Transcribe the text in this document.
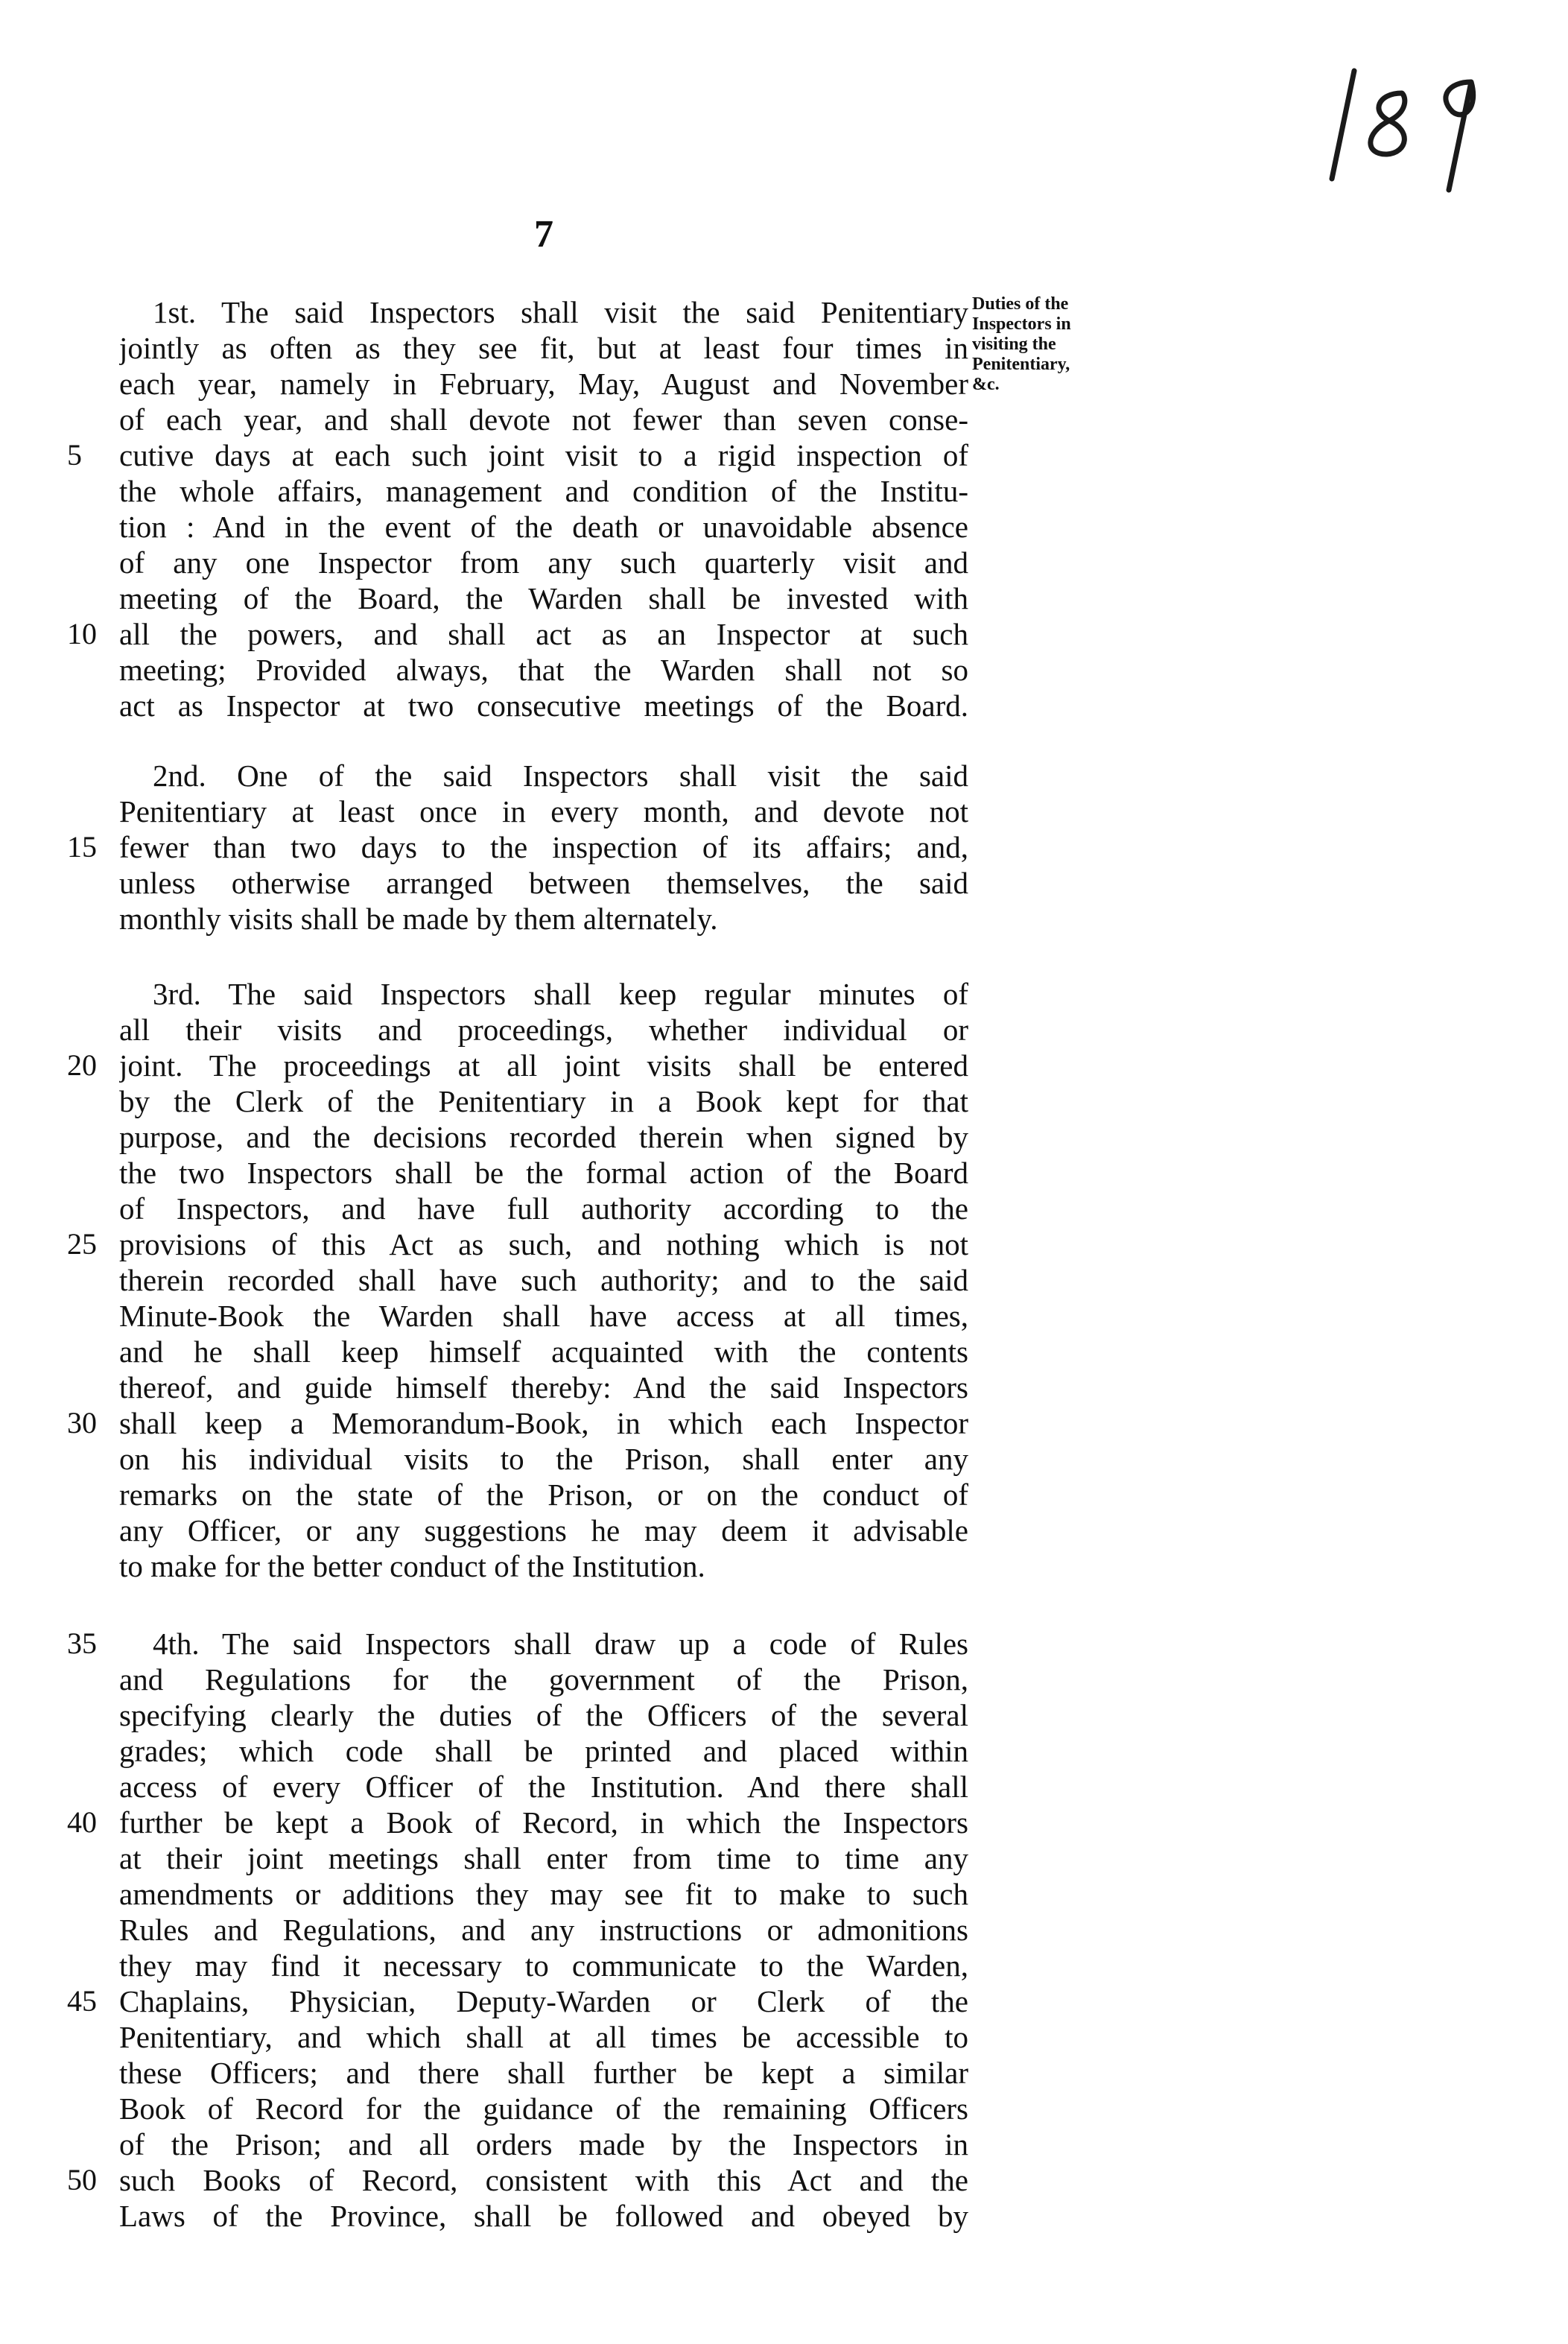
7
Duties of the
Inspectors in
visiting the
Penitentiary,
&c.
1st. The said Inspectors shall visit the said Penitentiary
jointly as often as they see fit, but at least four times in
each year, namely in February, May, August and November
of each year, and shall devote not fewer than seven conse-
cutive days at each such joint visit to a rigid inspection of
the whole affairs, management and condition of the Institu-
tion : And in the event of the death or unavoidable absence
of any one Inspector from any such quarterly visit and
meeting of the Board, the Warden shall be invested with
all the powers, and shall act as an Inspector at such
meeting; Provided always, that the Warden shall not so
act as Inspector at two consecutive meetings of the Board.
2nd. One of the said Inspectors shall visit the said
Penitentiary at least once in every month, and devote not
fewer than two days to the inspection of its affairs; and,
unless otherwise arranged between themselves, the said
monthly visits shall be made by them alternately.
3rd. The said Inspectors shall keep regular minutes of
all their visits and proceedings, whether individual or
joint. The proceedings at all joint visits shall be entered
by the Clerk of the Penitentiary in a Book kept for that
purpose, and the decisions recorded therein when signed by
the two Inspectors shall be the formal action of the Board
of Inspectors, and have full authority according to the
provisions of this Act as such, and nothing which is not
therein recorded shall have such authority; and to the said
Minute-Book the Warden shall have access at all times,
and he shall keep himself acquainted with the contents
thereof, and guide himself thereby: And the said Inspectors
shall keep a Memorandum-Book, in which each Inspector
on his individual visits to the Prison, shall enter any
remarks on the state of the Prison, or on the conduct of
any Officer, or any suggestions he may deem it advisable
to make for the better conduct of the Institution.
4th. The said Inspectors shall draw up a code of Rules
and Regulations for the government of the Prison,
specifying clearly the duties of the Officers of the several
grades; which code shall be printed and placed within
access of every Officer of the Institution. And there shall
further be kept a Book of Record, in which the Inspectors
at their joint meetings shall enter from time to time any
amendments or additions they may see fit to make to such
Rules and Regulations, and any instructions or admonitions
they may find it necessary to communicate to the Warden,
Chaplains, Physician, Deputy-Warden or Clerk of the
Penitentiary, and which shall at all times be accessible to
these Officers; and there shall further be kept a similar
Book of Record for the guidance of the remaining Officers
of the Prison; and all orders made by the Inspectors in
such Books of Record, consistent with this Act and the
Laws of the Province, shall be followed and obeyed by
5
10
15
20
25
30
35
40
45
50
